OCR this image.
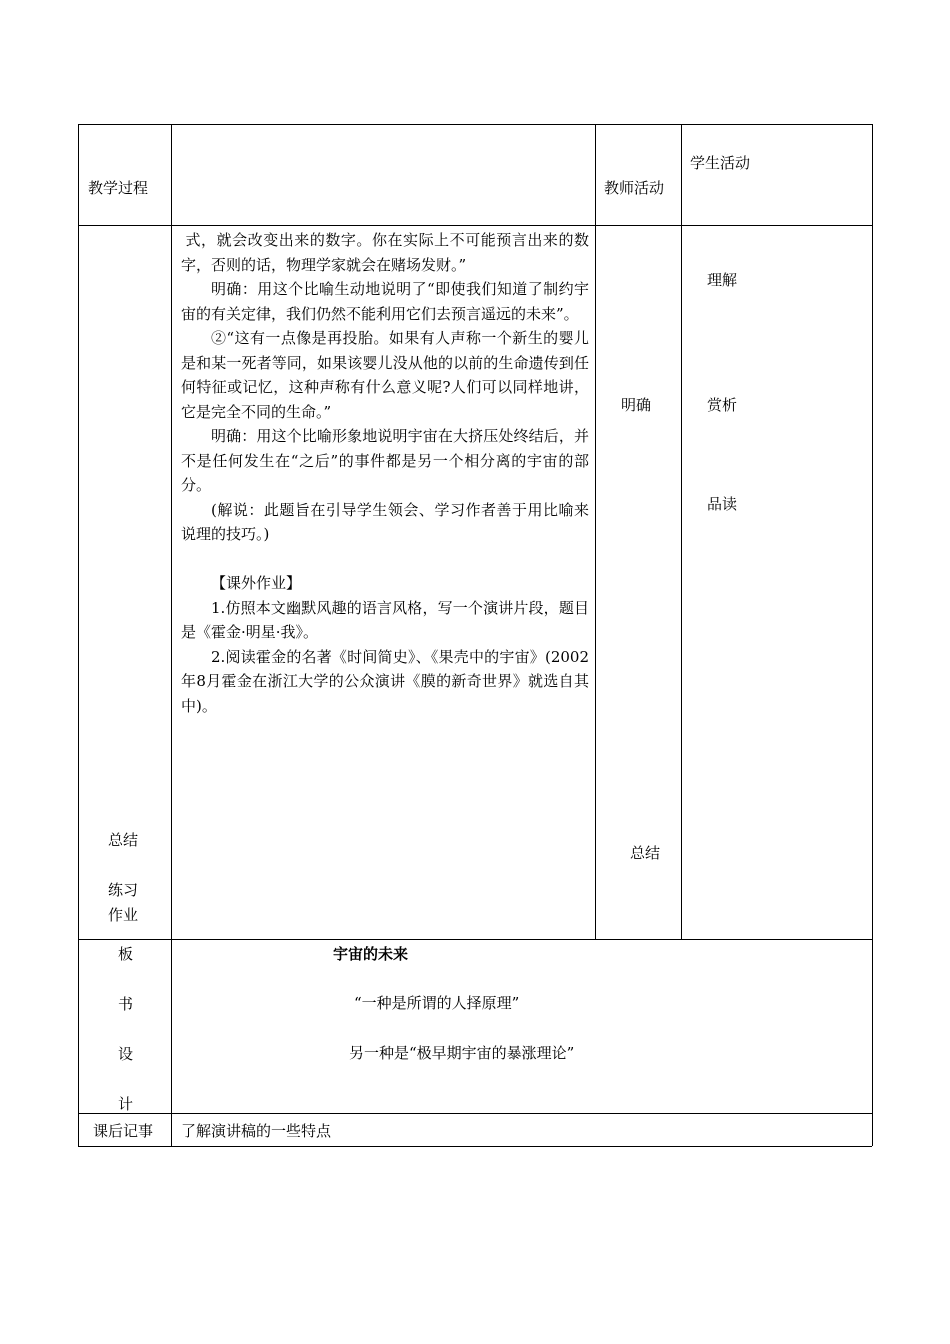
教学过程	教师活动
学生活动

式，就会改变出来的数字。你在实际上不可能预言出来的数字，否则的话，物理学家就会在赌场发财。”

明确：用这个比喻生动地说明了“即使我们知道了制约宇宙的有关定律，我们仍然不能利用它们去预言遥远的未来”。

②“这有一点像是再投胎。如果有人声称一个新生的婴儿是和某一死者等同，如果该婴儿没从他的以前的生命遗传到任何特征或记忆，这种声称有什么意义呢?人们可以同样地讲，它是完全不同的生命。”

明确：用这个比喻形象地说明宇宙在大挤压处终结后，并不是任何发生在“之后”的事件都是另一个相分离的宇宙的部分。

(解说：此题旨在引导学生领会、学习作者善于用比喻来说理的技巧。)

【课外作业】

1.仿照本文幽默风趣的语言风格，写一个演讲片段，题目是《霍金·明星·我》。

2.阅读霍金的名著《时间简史》、《果壳中的宇宙》(2002年8月霍金在浙江大学的公众演讲《膜的新奇世界》就选自其中)。

总结
练习
作业
明确
总结
理解
赏析
品读
板
书
设
计
宇宙的未来
“一种是所谓的人择原理”
另一种是“极早期宇宙的暴涨理论”
课后记事 了解演讲稿的一些特点
